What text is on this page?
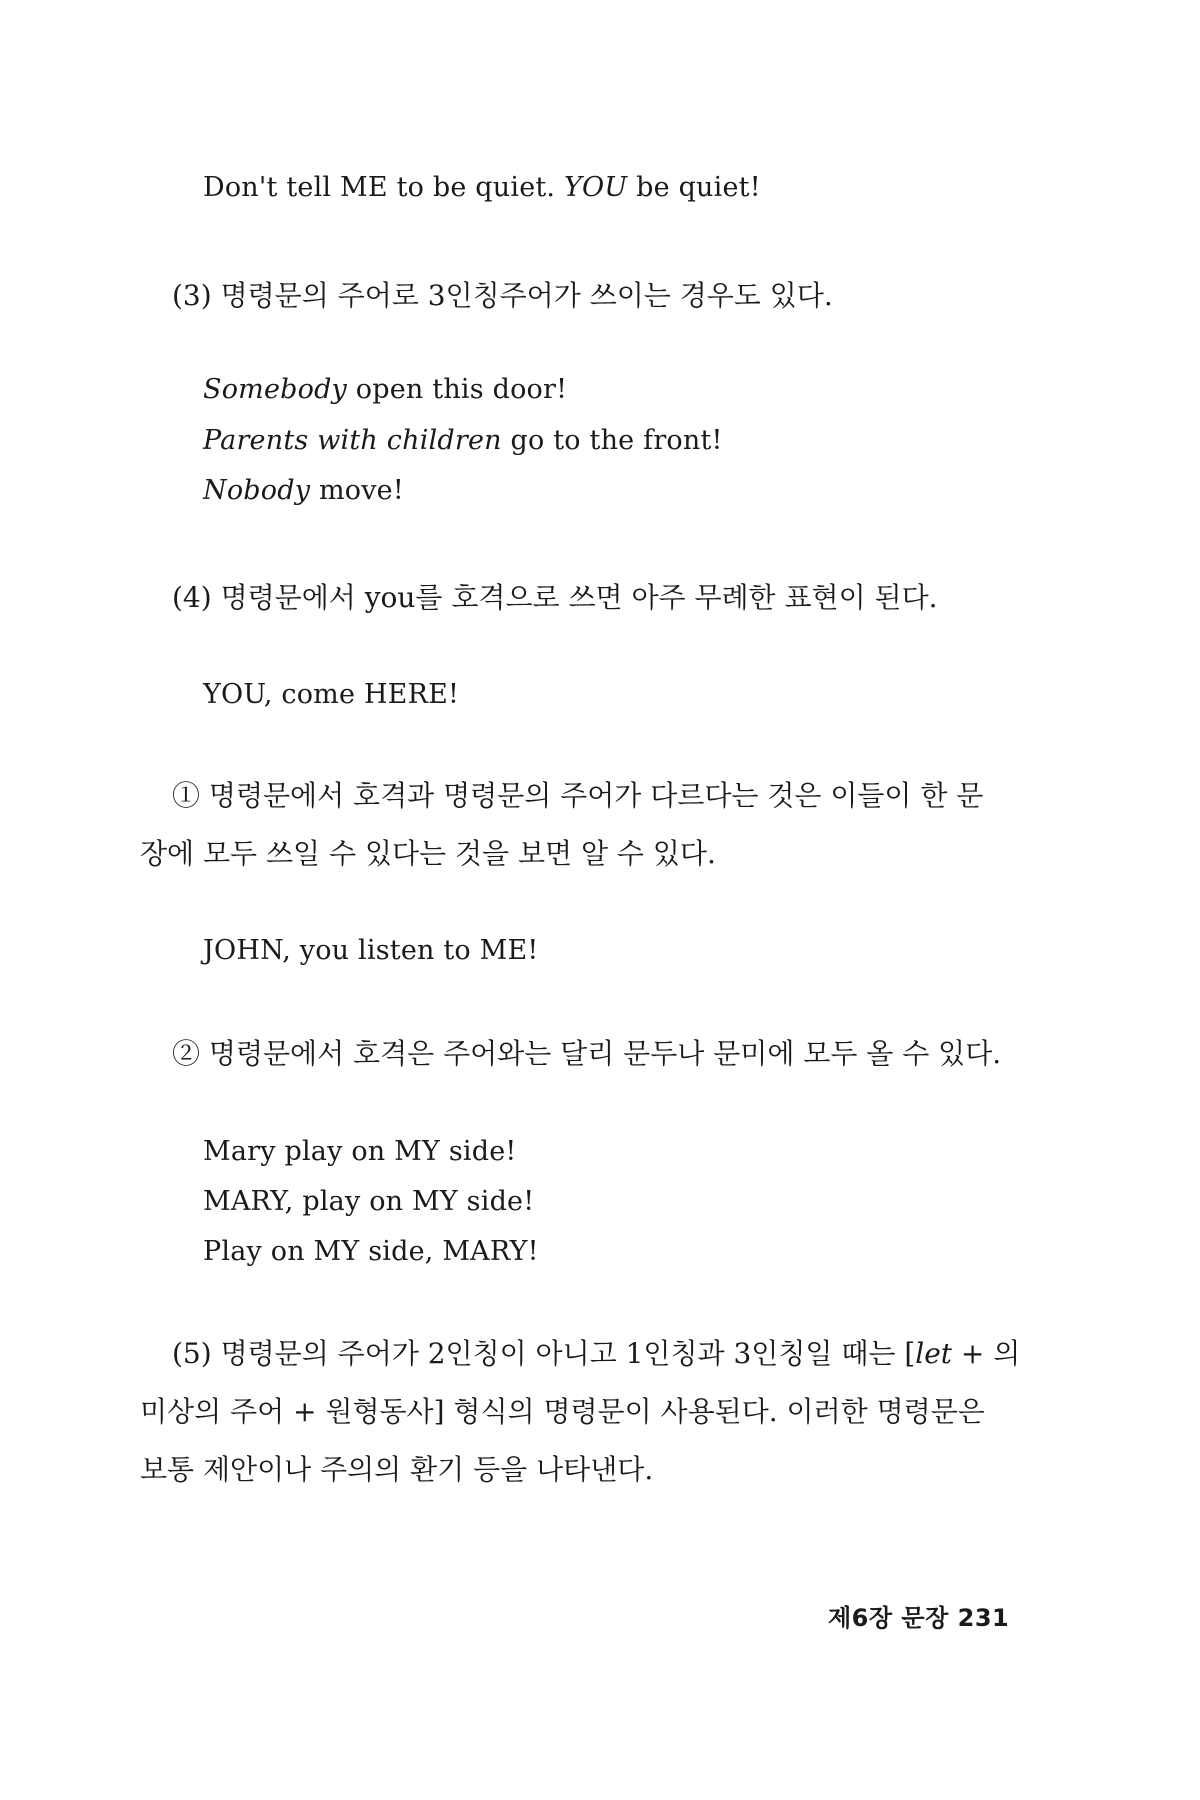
Don't tell ME to be quiet. YOU be quiet!
(3) 명령문의 주어로 3인칭주어가 쓰이는 경우도 있다.
Somebody open this door!
Parents with children go to the front!
Nobody move!
(4) 명령문에서 you를 호격으로 쓰면 아주 무례한 표현이 된다.
YOU, come HERE!
① 명령문에서 호격과 명령문의 주어가 다르다는 것은 이들이 한 문
장에 모두 쓰일 수 있다는 것을 보면 알 수 있다.
JOHN, you listen to ME!
② 명령문에서 호격은 주어와는 달리 문두나 문미에 모두 올 수 있다.
Mary play on MY side!
MARY, play on MY side!
Play on MY side, MARY!
(5) 명령문의 주어가 2인칭이 아니고 1인칭과 3인칭일 때는 [let + 의
미상의 주어 + 원형동사] 형식의 명령문이 사용된다. 이러한 명령문은
보통 제안이나 주의의 환기 등을 나타낸다.
제6장 문장 231
